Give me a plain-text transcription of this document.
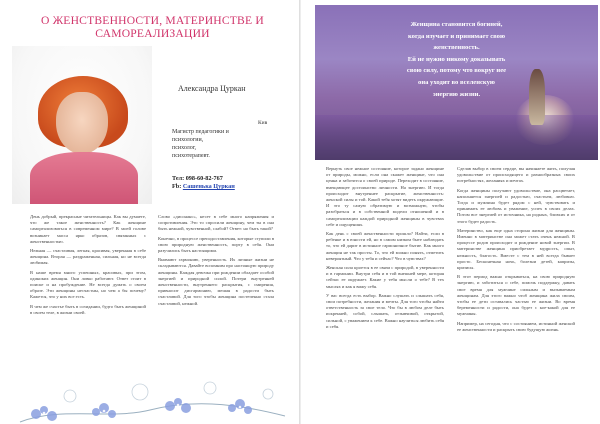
О ЖЕНСТВЕННОСТИ, МАТЕРИНСТВЕ И САМОРЕАЛИЗАЦИИ
Александра Цуркан
Кив
Магистр педагогики и
психологии,
психолог,
психотерапевт.
Тел: 098-60-82-767
Fb: Сашенька Цуркан

День добрый, прекрасные читательницы. Как вы думаете, что же такое женственность? Как женщине самореализоваться в современном мире? В моей голове возникает масса ярко образов, связанных с женственностью.

Нежная — счастливая, легкая, красивая, уверенная в себе женщина. Вторая — раздраженная, сильная, но не всегда любимая.

В наше время много успешных, красивых, при этом, одиноких женщин. Они ловко работают. Ответ стоит в поиске и на пробуждение. Не всегда думать о своем образе. Эти женщины несчастны, но чем а бы почему? Кажется, что у них все есть.

В чем же счастье быть в созидании, будто быть женщиной в своем теле, в жизни своей.

Слово «дисонанс», несет в себе много напряжения и сопротивления. Это то спросили женщину, чем ты в она быть нежной, чувственной, слабой? Ответ: но быть такой?

Конечно, в процессе преподоставления, которые ступили в свою природную женственность, порту в себя. Они разучились быть настоящими.

Внимают гармонию, уверенность. Их личные жизни не складываются. Давайте вспомним про настоящую природу женщины. Каждая девочка при рождении обладает особой энергией и природной силой. Потери внутренней женственности, внутреннего раскрытия, с смирения, привносит дисгармонию, мешая в радости быть счастливой. Для того чтобы женщина постепенно стала счастливой, нежной.

Женщина становится богиней,
когда изучает и принимает свою
женственность.
Ей не нужно никому доказывать
свою силу, потому что вокруг нее
она уходит во вселенскую
энергию жизни.

Вернуть свое нежное состояние, которое задано женщине от природы, можно, если она скажет женщине, что она ценна и заботится о своей природе. Переходит в состояние, вмещающее достоинство личности. На энергию. И тогда происходит внутреннее раскрытие, женственность: женской силы и той. Какой тебя хотят видеть окружающие. И это ту самую обратимую и возможную, чтобы разобраться и в собственной модели отношений и в самореализации каждой природной женщины в чувствах себе и ощущениях.

Как день с своей женственности прошло? Найти, если в ребенке и в юности ей, но в самом низком быте наблюдать то, что ей дарит в истинное гармоничное бытие. Как много женщин не так просты. То, что ей можно понять, отметить невероятный. Что у тебя и сейчас? Что в чувствах?

Женская сила кроется в ее связи с природой, в уверенности и в гармонии. Внутри себя и в той внешней мере, которая сейчас ее окружает. Какие у тебя мысли о тебе? В тех мыслях и как я вижу себя.

У вас всегда есть выбор. Важно слушать и слышать себя, свои потребности, желания и мечты. Для того чтобы найти ответственность за свое тело. Что бы в любом деле быть искренней, собой, слышать, отзывчивой, открытой, сильной, с уважением к себе. Важно научиться любить себя и себя.

Сделав выбор в своем сердце, вы начинаете жить, получая удовольствие от происходящего и разнообразных своих потребностях, желаниях и мечтах.

Когда женщины получают удовольствие, она расцветает, наполняется энергией и радостью, счастьем, любовью. Тогда и мужчина будет рядом с ней, чувствовать и принимать ее любовь и уважение, успех в своих делах. Потом все энергией от источника, на родных, близких и от этого будет радость.

Материнство, как еще одна сторона жизни для женщины. Именно в материнстве она может стать очень нежной. В процессе родов происходит и рождение новой энергии. В материнстве женщина приобретает мудрость, опыт, нежность, благость. Вместе с тем в ней всегда бывает просто. Бесконечная ночь, болезни детей, капризы, кризисы.

В этот период важно открываться, на свою природную энергию, и заботиться о себе, помочь поддержку, давать свое время для мужчине сильным и вызываемым женщинам. Для этого важно чтоб женщина жила своим, чтобы ее дети оставались частью ее жизни. Во время беременности и радости, она будет с кое-какой для ее мужчины.

Например, на сегодня, что с состоянием, истинной женской ее женственности и раскрыть свою будущую жизнь.
